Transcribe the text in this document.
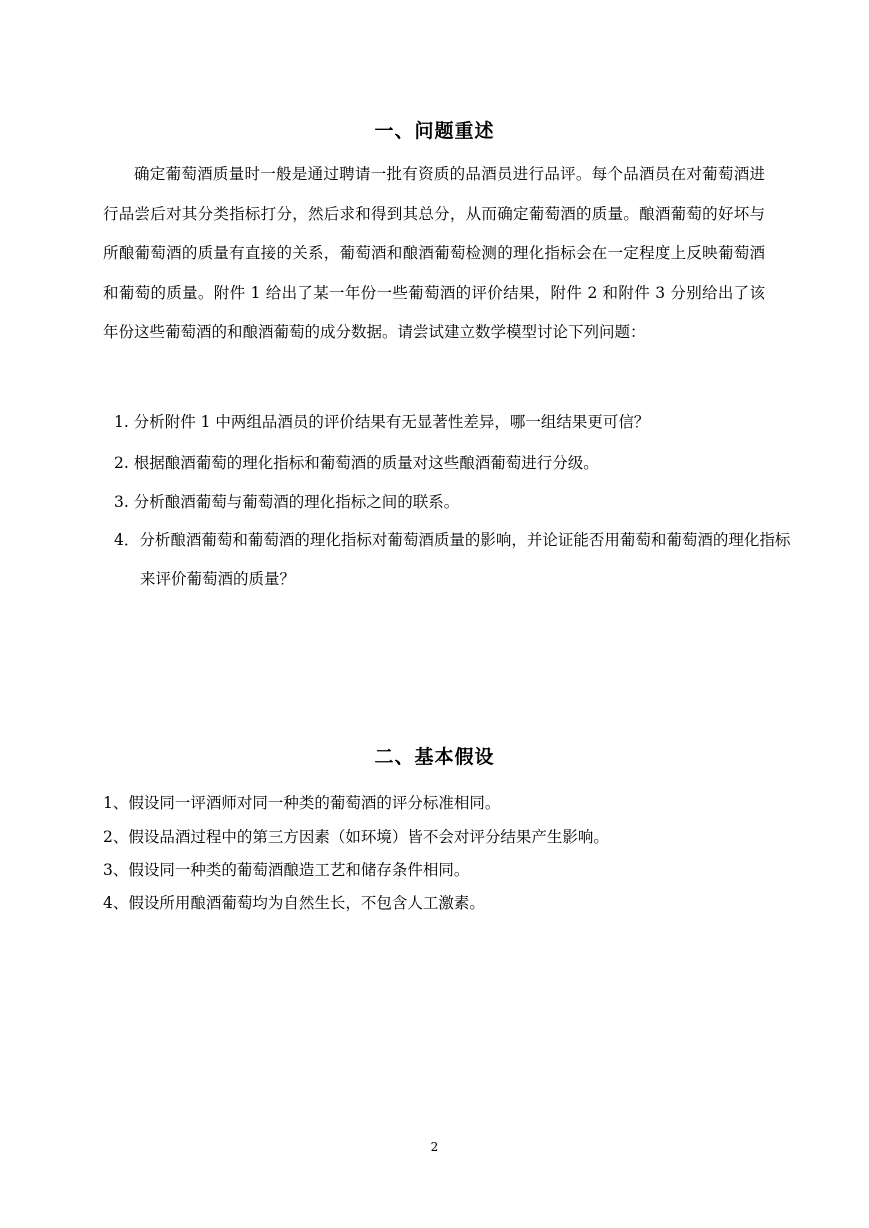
一、问题重述

确定葡萄酒质量时一般是通过聘请一批有资质的品酒员进行品评。每个品酒员在对葡萄酒进行品尝后对其分类指标打分，然后求和得到其总分，从而确定葡萄酒的质量。酿酒葡萄的好坏与所酿葡萄酒的质量有直接的关系，葡萄酒和酿酒葡萄检测的理化指标会在一定程度上反映葡萄酒和葡萄的质量。附件 1 给出了某一年份一些葡萄酒的评价结果，附件 2 和附件 3 分别给出了该年份这些葡萄酒的和酿酒葡萄的成分数据。请尝试建立数学模型讨论下列问题：

1. 分析附件 1 中两组品酒员的评价结果有无显著性差异，哪一组结果更可信？

2. 根据酿酒葡萄的理化指标和葡萄酒的质量对这些酿酒葡萄进行分级。

3. 分析酿酒葡萄与葡萄酒的理化指标之间的联系。

4．分析酿酒葡萄和葡萄酒的理化指标对葡萄酒质量的影响，并论证能否用葡萄和葡萄酒的理化指标来评价葡萄酒的质量？

二、基本假设

1、假设同一评酒师对同一种类的葡萄酒的评分标准相同。

2、假设品酒过程中的第三方因素（如环境）皆不会对评分结果产生影响。

3、假设同一种类的葡萄酒酿造工艺和储存条件相同。

4、假设所用酿酒葡萄均为自然生长，不包含人工激素。

2
